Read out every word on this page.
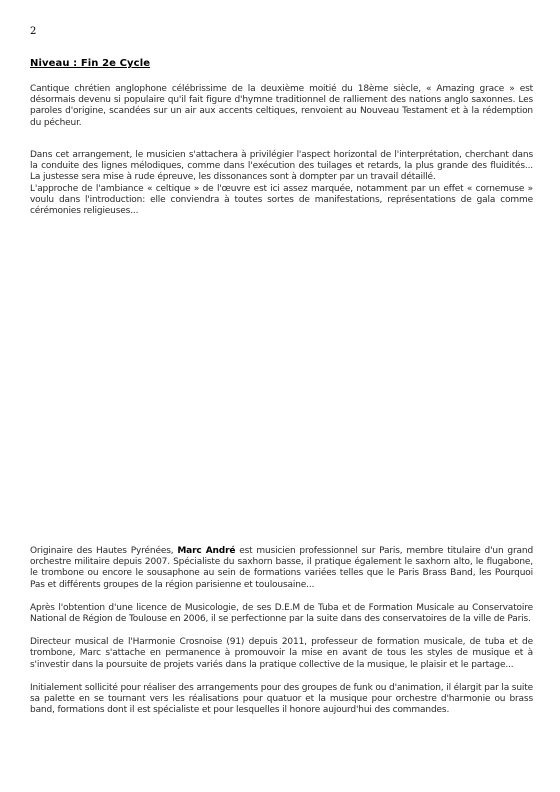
2
Niveau : Fin 2e Cycle

Cantique chrétien anglophone célébrissime de la deuxième moitié du 18ème siècle, « Amazing grace » est désormais devenu si populaire qu'il fait figure d'hymne traditionnel de ralliement des nations anglo saxonnes. Les paroles d'origine, scandées sur un air aux accents celtiques, renvoient au Nouveau Testament et à la rédemption du pécheur.

Dans cet arrangement, le musicien s'attachera à privilégier l'aspect horizontal de l'interprétation, cherchant dans la conduite des lignes mélodiques, comme dans l'exécution des tuilages et retards, la plus grande des fluidités... La justesse sera mise à rude épreuve, les dissonances sont à dompter par un travail détaillé.

L'approche de l'ambiance « celtique » de l'œuvre est ici assez marquée, notamment par un effet « cornemuse » voulu dans l'introduction: elle conviendra à toutes sortes de manifestations, représentations de gala comme cérémonies religieuses...

Originaire des Hautes Pyrénées, Marc André est musicien professionnel sur Paris, membre titulaire d'un grand orchestre militaire depuis 2007. Spécialiste du saxhorn basse, il pratique également le saxhorn alto, le flugabone, le trombone ou encore le sousaphone au sein de formations variées telles que le Paris Brass Band, les Pourquoi Pas et différents groupes de la région parisienne et toulousaine...

Après l'obtention d'une licence de Musicologie, de ses D.E.M de Tuba et de Formation Musicale au Conservatoire National de Région de Toulouse en 2006, il se perfectionne par la suite dans des conservatoires de la ville de Paris.

Directeur musical de l'Harmonie Crosnoise (91) depuis 2011, professeur de formation musicale, de tuba et de trombone, Marc s'attache en permanence à promouvoir la mise en avant de tous les styles de musique et à s'investir dans la poursuite de projets variés dans la pratique collective de la musique, le plaisir et le partage...

Initialement sollicité pour réaliser des arrangements pour des groupes de funk ou d'animation, il élargit par la suite sa palette en se tournant vers les réalisations pour quatuor et la musique pour orchestre d'harmonie ou brass band, formations dont il est spécialiste et pour lesquelles il honore aujourd'hui des commandes.
